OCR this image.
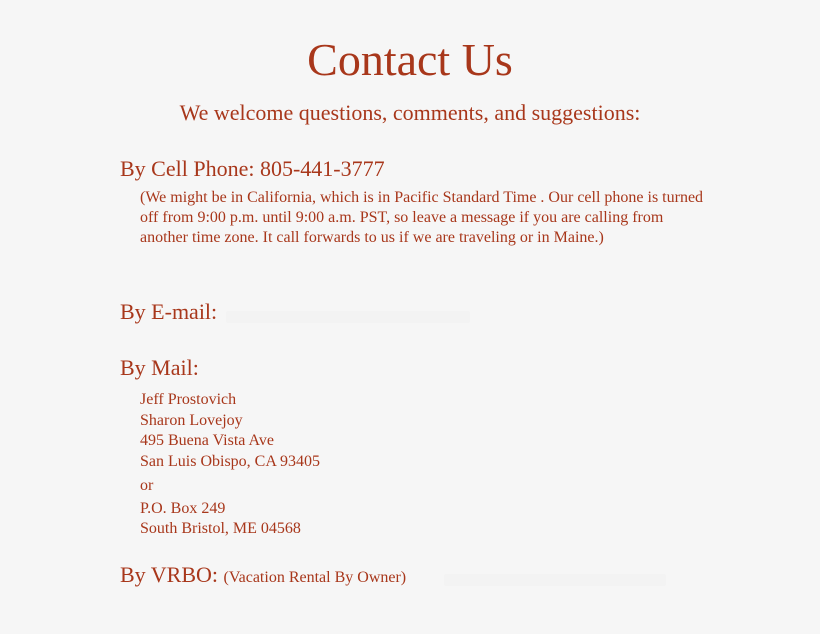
Contact Us
We welcome questions, comments, and suggestions:
By Cell Phone: 805-441-3777
(We might be in California, which is in Pacific Standard Time . Our cell phone is turned off from 9:00 p.m. until 9:00 a.m. PST, so leave a message if you are calling from another time zone. It call forwards to us if we are traveling or in Maine.)
By E-mail:
By Mail:
Jeff Prostovich
Sharon Lovejoy
495 Buena Vista Ave
San Luis Obispo, CA 93405
or
P.O. Box 249
South Bristol, ME 04568
By VRBO: (Vacation Rental By Owner)
